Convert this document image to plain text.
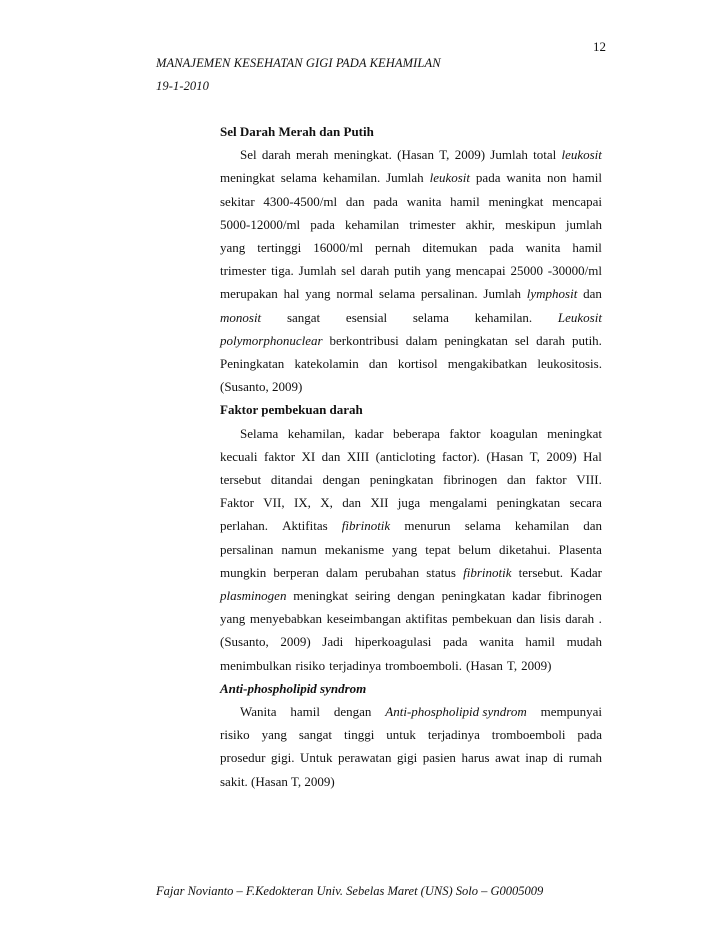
12
MANAJEMEN KESEHATAN GIGI PADA KEHAMILAN
19-1-2010
Sel Darah Merah dan Putih
Sel darah merah meningkat. (Hasan T, 2009) Jumlah total leukosit
meningkat selama kehamilan. Jumlah leukosit pada wanita non hamil
sekitar 4300-4500/ml dan pada wanita hamil meningkat mencapai
5000-12000/ml pada kehamilan trimester akhir, meskipun jumlah
yang tertinggi 16000/ml pernah ditemukan pada wanita hamil
trimester tiga. Jumlah sel darah putih yang mencapai 25000 -30000/ml
merupakan hal yang normal selama persalinan. Jumlah lymphosit dan
monosit sangat esensial selama kehamilan. Leukosit
polymorphonuclear berkontribusi dalam peningkatan sel darah putih.
Peningkatan katekolamin dan kortisol mengakibatkan leukositosis.
(Susanto, 2009)
Faktor pembekuan darah
Selama kehamilan, kadar beberapa faktor koagulan meningkat
kecuali faktor XI dan XIII (anticloting factor). (Hasan T, 2009) Hal
tersebut ditandai dengan peningkatan fibrinogen dan faktor VIII.
Faktor VII, IX, X, dan XII juga mengalami peningkatan secara
perlahan. Aktifitas fibrinotik menurun selama kehamilan dan
persalinan namun mekanisme yang tepat belum diketahui. Plasenta
mungkin berperan dalam perubahan status fibrinotik tersebut. Kadar
plasminogen meningkat seiring dengan peningkatan kadar fibrinogen
yang menyebabkan keseimbangan aktifitas pembekuan dan lisis darah .
(Susanto, 2009) Jadi hiperkoagulasi pada wanita hamil mudah
menimbulkan risiko terjadinya tromboemboli. (Hasan T, 2009)
Anti-phospholipid syndrom
Wanita hamil dengan Anti-phospholipid syndrom mempunyai
risiko yang sangat tinggi untuk terjadinya tromboemboli pada
prosedur gigi. Untuk perawatan gigi pasien harus awat inap di rumah
sakit. (Hasan T, 2009)
Fajar Novianto – F.Kedokteran Univ. Sebelas Maret (UNS) Solo – G0005009
